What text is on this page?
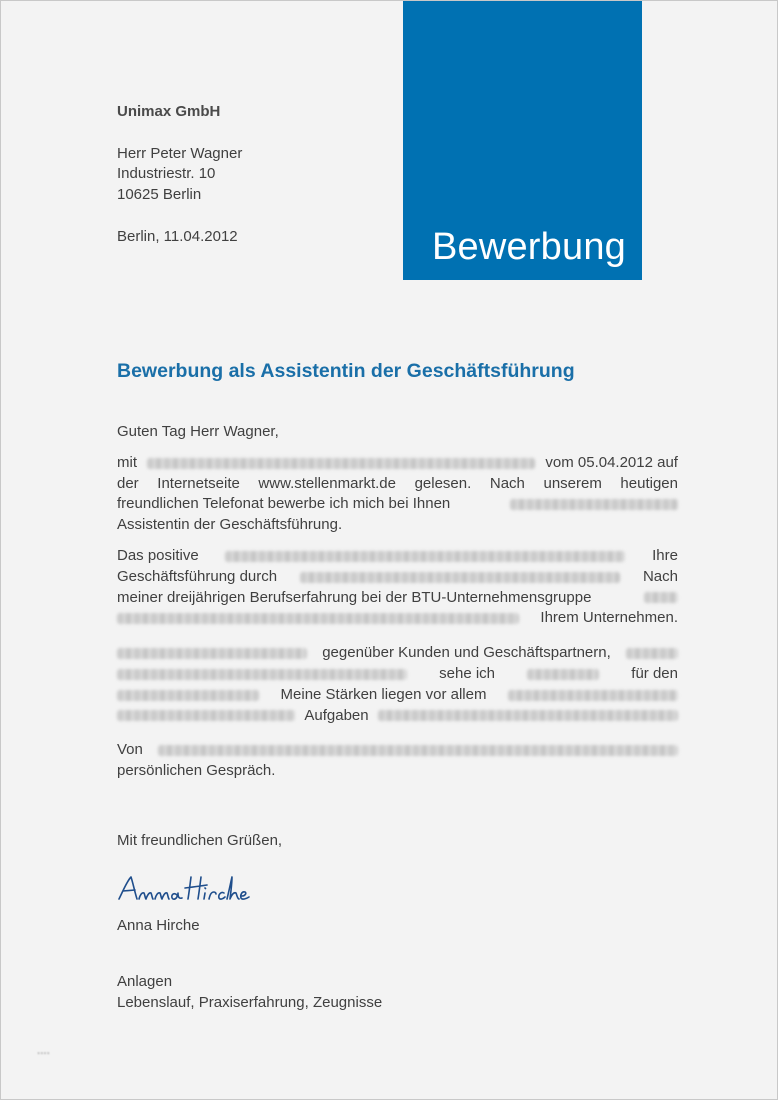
Unimax GmbH
Herr Peter Wagner
Industriestr. 10
10625 Berlin
Berlin, 11.04.2012	Bewerbung
Bewerbung als Assistentin der Geschäftsführung

Guten Tag Herr Wagner,

mit	vom 05.04.2012 auf
der Internetseite www.stellenmarkt.de gelesen. Nach unserem heutigen
freundlichen Telefonat bewerbe ich mich bei Ihnen
Assistentin der Geschäftsführung.
Das positive	Ihre
Geschäftsführung durch	Nach
meiner dreijährigen Berufserfahrung bei der BTU-Unternehmensgruppe
Ihrem Unternehmen.
gegenüber Kunden und Geschäftspartnern,
sehe ich	für den
Meine Stärken liegen vor allem
Aufgaben
Von
persönlichen Gespräch.
Mit freundlichen Grüßen,
Anna Hirche
Anlagen
Lebenslauf, Praxiserfahrung, Zeugnisse
▪▪▪▪
